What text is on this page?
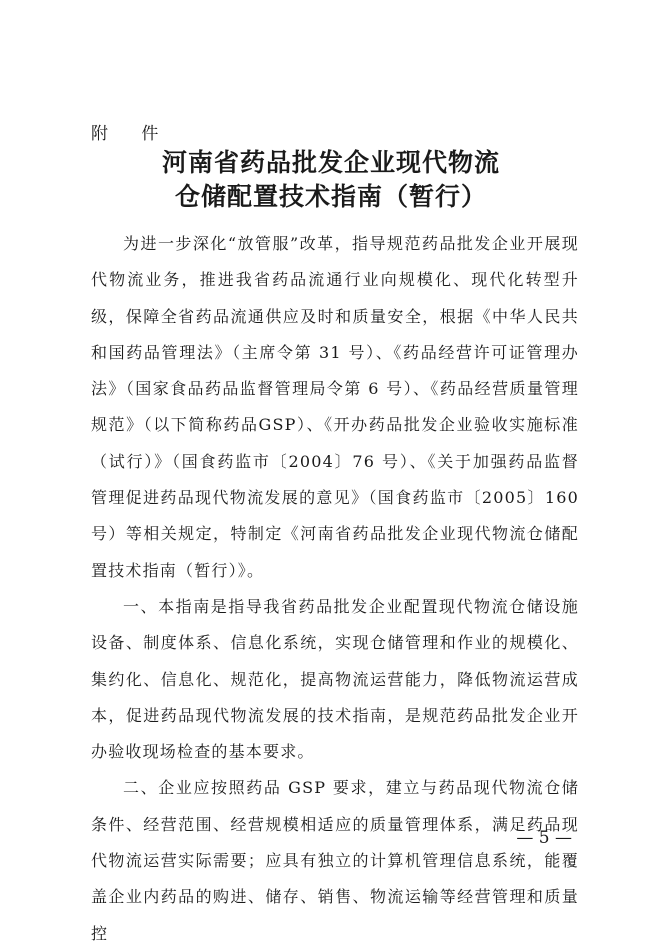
附 件
河南省药品批发企业现代物流
仓储配置技术指南（暂行）

为进一步深化“放管服”改革，指导规范药品批发企业开展现代物流业务，推进我省药品流通行业向规模化、现代化转型升级，保障全省药品流通供应及时和质量安全，根据《中华人民共和国药品管理法》（主席令第 31 号）、《药品经营许可证管理办法》（国家食品药品监督管理局令第 6 号）、《药品经营质量管理规范》（以下简称药品GSP）、《开办药品批发企业验收实施标准（试行）》（国食药监市〔2004〕76 号）、《关于加强药品监督管理促进药品现代物流发展的意见》（国食药监市〔2005〕160 号）等相关规定，特制定《河南省药品批发企业现代物流仓储配置技术指南（暂行）》。

一、本指南是指导我省药品批发企业配置现代物流仓储设施设备、制度体系、信息化系统，实现仓储管理和作业的规模化、集约化、信息化、规范化，提高物流运营能力，降低物流运营成本，促进药品现代物流发展的技术指南，是规范药品批发企业开办验收现场检查的基本要求。

二、企业应按照药品 GSP 要求，建立与药品现代物流仓储条件、经营范围、经营规模相适应的质量管理体系，满足药品现代物流运营实际需要；应具有独立的计算机管理信息系统，能覆盖企业内药品的购进、储存、销售、物流运输等经营管理和质量控

— 5 —
